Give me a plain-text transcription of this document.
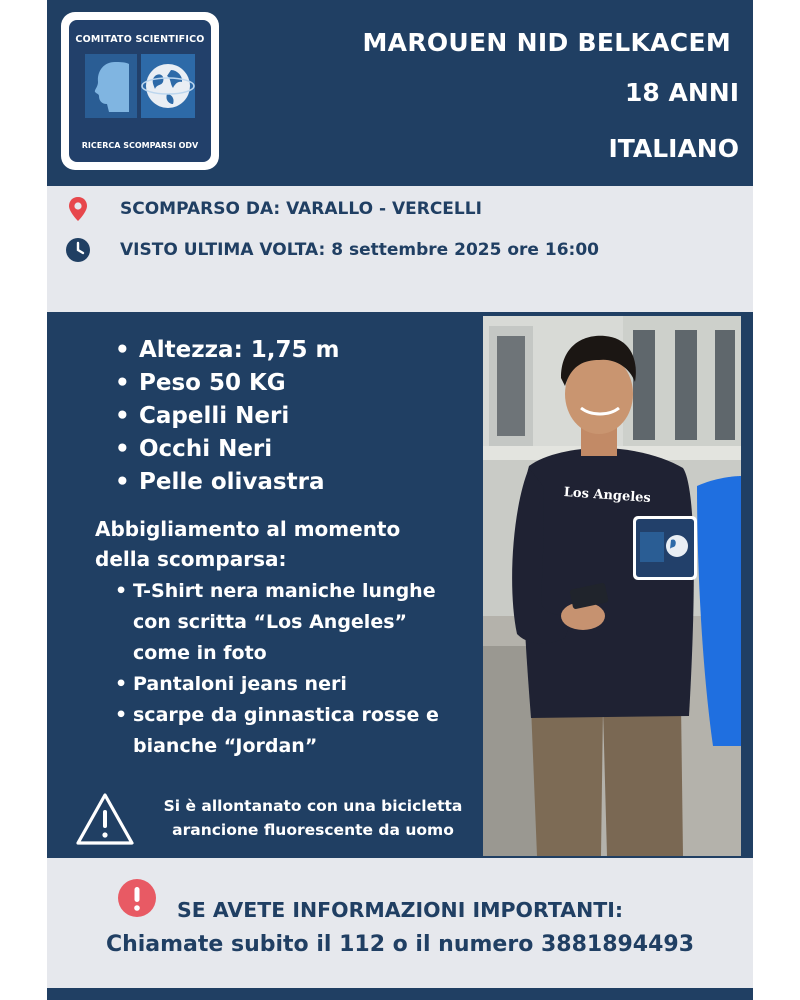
COMITATO SCIENTIFICO
RICERCA SCOMPARSI ODV
MAROUEN NID BELKACEM
18 ANNI
ITALIANO
SCOMPARSO DA: VARALLO - VERCELLI
VISTO ULTIMA VOLTA: 8 settembre 2025 ore 16:00
• Altezza: 1,75 m
• Peso 50 KG
• Capelli Neri
• Occhi Neri
• Pelle olivastra
Abbigliamento al momento della scomparsa:
• T-Shirt nera maniche lunghe con scritta “Los Angeles” come in foto
• Pantaloni jeans neri
• scarpe da ginnastica rosse e bianche “Jordan”
Si è allontanato con una bicicletta
arancione fluorescente da uomo
Los Angeles
SE AVETE INFORMAZIONI IMPORTANTI:
Chiamate subito il 112 o il numero 3881894493
